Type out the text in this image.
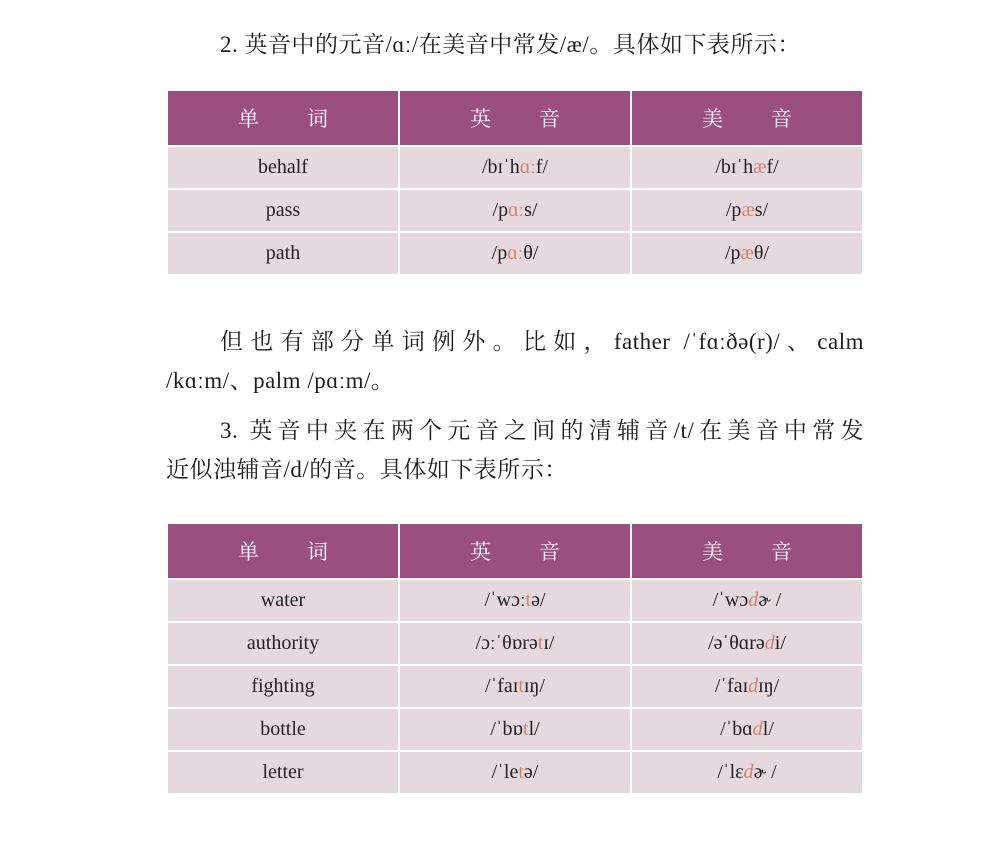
2. 英音中的元音/ɑː/在美音中常发/æ/。具体如下表所示：

单 词	英 音	美 音
behalf	/bɪˈhɑːf/	/bɪˈhæf/
pass	/pɑːs/	/pæs/
path	/pɑːθ/	/pæθ/

但也有部分单词例外。比如，father /ˈfɑːðə(r)/、calm
/kɑːm/、palm /pɑːm/。

3. 英音中夹在两个元音之间的清辅音/t/在美音中常发
近似浊辅音/d/的音。具体如下表所示：

单 词	英 音	美 音
water	/ˈwɔːtə/	/ˈwɔdɚ /
authority	/ɔːˈθɒrətɪ/	/əˈθɑrədi/
fighting	/ˈfaɪtɪŋ/	/ˈfaɪdɪŋ/
bottle	/ˈbɒtl/	/ˈbɑdl/
letter	/ˈletə/	/ˈlɛdɚ /
